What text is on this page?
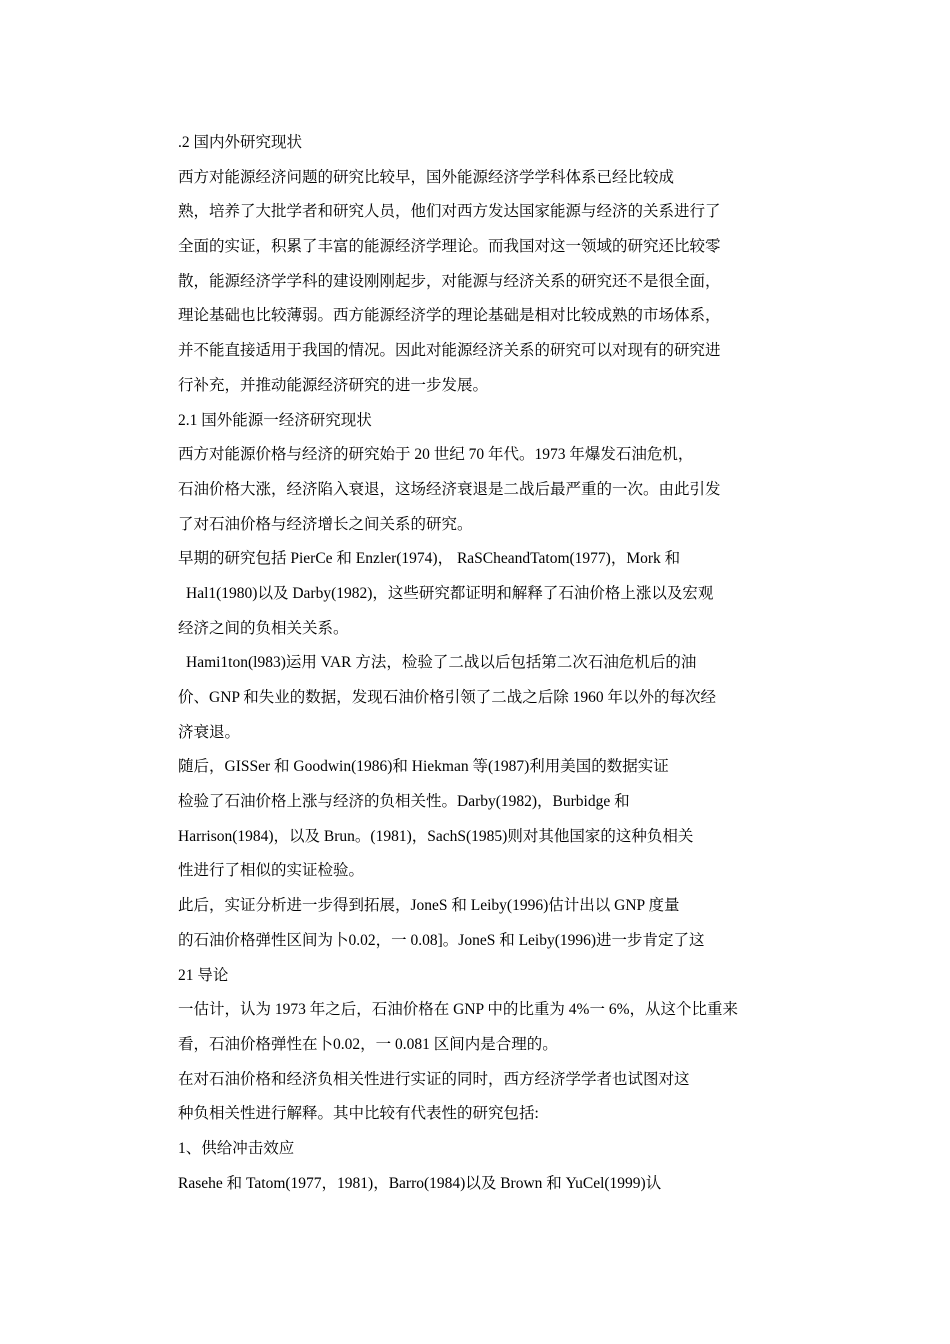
.2 国内外研究现状
西方对能源经济问题的研究比较早，国外能源经济学学科体系已经比较成
熟，培养了大批学者和研究人员，他们对西方发达国家能源与经济的关系进行了
全面的实证，积累了丰富的能源经济学理论。而我国对这一领域的研究还比较零
散，能源经济学学科的建设刚刚起步，对能源与经济关系的研究还不是很全面，
理论基础也比较薄弱。西方能源经济学的理论基础是相对比较成熟的市场体系，
并不能直接适用于我国的情况。因此对能源经济关系的研究可以对现有的研究进
行补充，并推动能源经济研究的进一步发展。
2.1 国外能源一经济研究现状
西方对能源价格与经济的研究始于 20 世纪 70 年代。1973 年爆发石油危机，
石油价格大涨，经济陷入衰退，这场经济衰退是二战后最严重的一次。由此引发
了对石油价格与经济增长之间关系的研究。
早期的研究包括 PierCe 和 Enzler(1974)， RaSCheandTatom(1977)，Mork 和
Hal1(1980)以及 Darby(1982)，这些研究都证明和解释了石油价格上涨以及宏观
经济之间的负相关关系。
Hami1ton(l983)运用 VAR 方法，检验了二战以后包括第二次石油危机后的油
价、GNP 和失业的数据，发现石油价格引领了二战之后除 1960 年以外的每次经
济衰退。
随后，GISSer 和 Goodwin(1986)和 Hiekman 等(1987)利用美国的数据实证
检验了石油价格上涨与经济的负相关性。Darby(1982)，Burbidge 和
Harrison(1984)，以及 Brun。(1981)，SachS(1985)则对其他国家的这种负相关
性进行了相似的实证检验。
此后，实证分析进一步得到拓展，JoneS 和 Leiby(1996)估计出以 GNP 度量
的石油价格弹性区间为卜0.02，一 0.08]。JoneS 和 Leiby(1996)进一步肯定了这
21 导论
一估计，认为 1973 年之后，石油价格在 GNP 中的比重为 4%一 6%，从这个比重来
看，石油价格弹性在卜0.02，一 0.081 区间内是合理的。
在对石油价格和经济负相关性进行实证的同时，西方经济学学者也试图对这
种负相关性进行解释。其中比较有代表性的研究包括:
1、供给冲击效应
Rasehe 和 Tatom(1977，1981)，Barro(1984)以及 Brown 和 YuCel(1999)认
